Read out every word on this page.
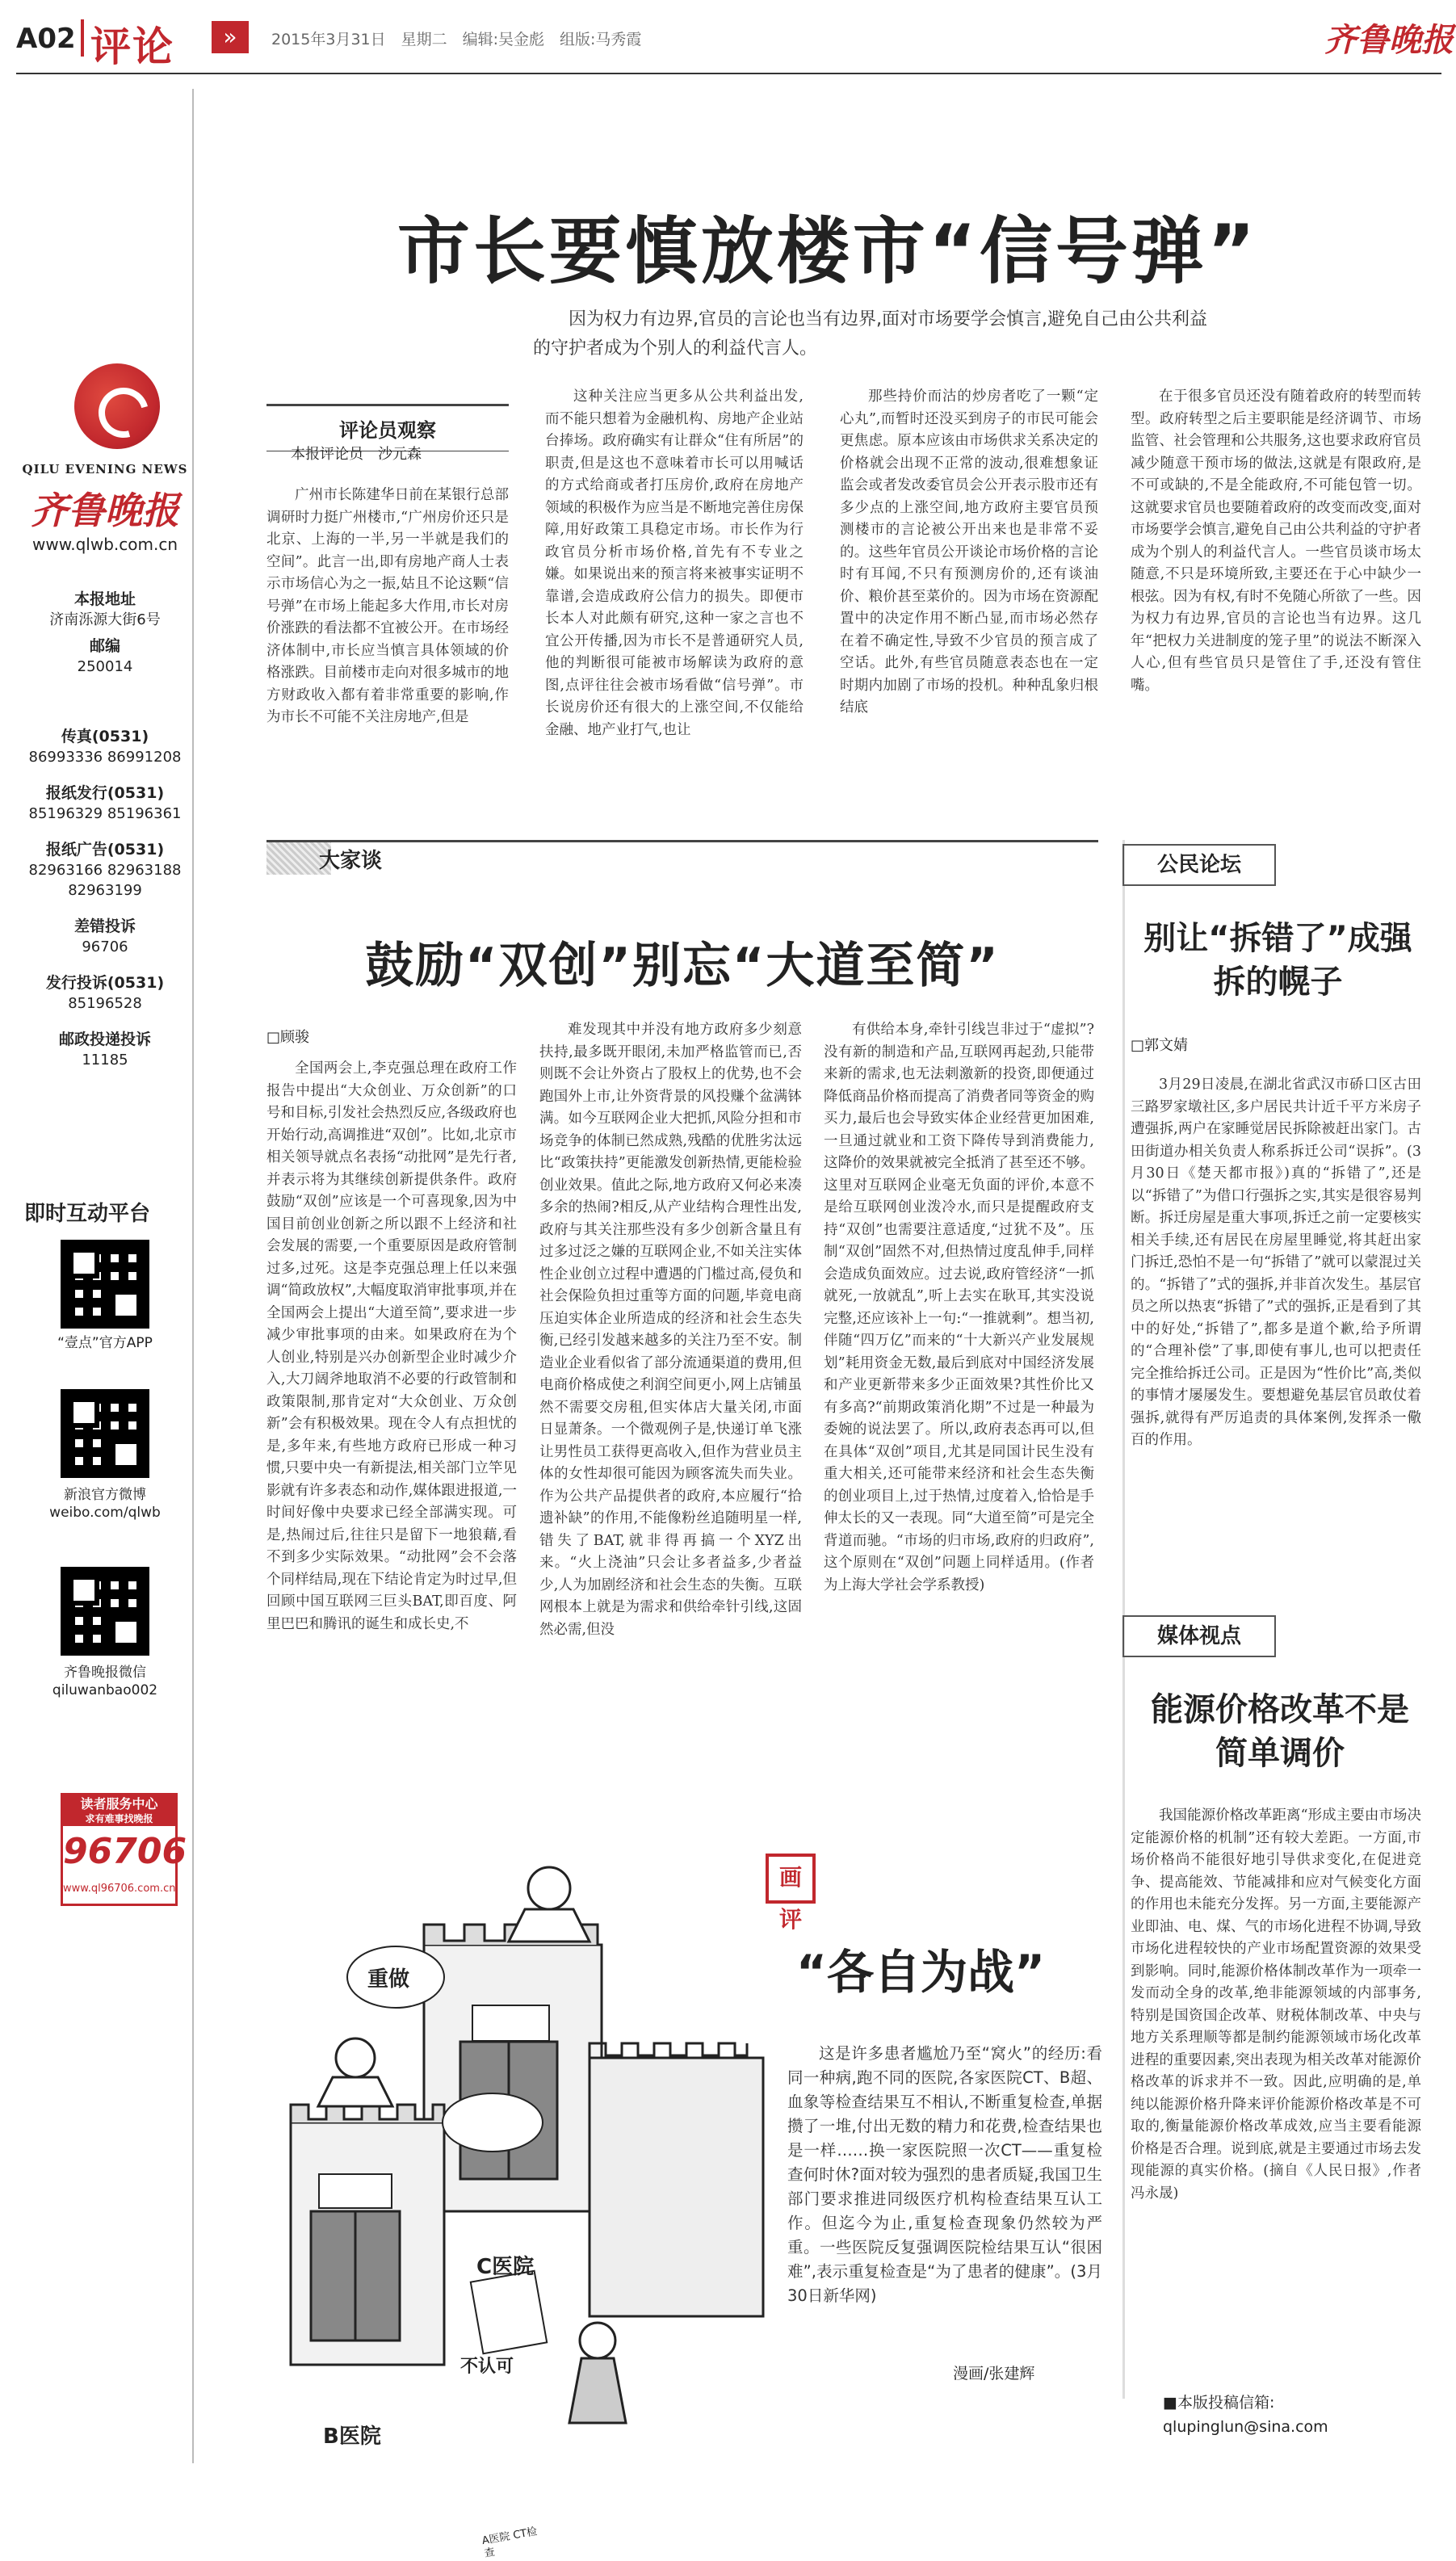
A02 评论	»	2015年3月31日　星期二　编辑:吴金彪　组版:马秀霞	齐鲁晚报
QILU EVENING NEWS
齐鲁晚报
www.qlwb.com.cn
本报地址
济南泺源大街6号
邮编
250014
传真(0531)
86993336 86991208
报纸发行(0531)
85196329 85196361
报纸广告(0531)
82963166 82963188
82963199
差错投诉
96706
发行投诉(0531)
85196528
邮政投递投诉
11185
即时互动平台
“壹点”官方APP
新浪官方微博
weibo.com/qlwb
齐鲁晚报微信
qiluwanbao002
读者服务中心
求有难事找晚报
96706
www.ql96706.com.cn
市长要慎放楼市“信号弹”
因为权力有边界,官员的言论也当有边界,面对市场要学会慎言,避免自己由公共利益的守护者成为个别人的利益代言人。
评论员观察
本报评论员　沙元森

广州市长陈建华日前在某银行总部调研时力挺广州楼市,“广州房价还只是北京、上海的一半,另一半就是我们的空间”。此言一出,即有房地产商人士表示市场信心为之一振,姑且不论这颗“信号弹”在市场上能起多大作用,市长对房价涨跌的看法都不宜被公开。在市场经济体制中,市长应当慎言具体领域的价格涨跌。目前楼市走向对很多城市的地方财政收入都有着非常重要的影响,作为市长不可能不关注房地产,但是

这种关注应当更多从公共利益出发,而不能只想着为金融机构、房地产企业站台捧场。政府确实有让群众“住有所居”的职责,但是这也不意味着市长可以用喊话的方式给商或者打压房价,政府在房地产领域的积极作为应当是不断地完善住房保障,用好政策工具稳定市场。市长作为行政官员分析市场价格,首先有不专业之嫌。如果说出来的预言将来被事实证明不靠谱,会造成政府公信力的损失。即便市长本人对此颇有研究,这种一家之言也不宜公开传播,因为市长不是普通研究人员,他的判断很可能被市场解读为政府的意图,点评往往会被市场看做“信号弹”。市长说房价还有很大的上涨空间,不仅能给金融、地产业打气,也让

那些持价而沽的炒房者吃了一颗“定心丸”,而暂时还没买到房子的市民可能会更焦虑。原本应该由市场供求关系决定的价格就会出现不正常的波动,很难想象证监会或者发改委官员会公开表示股市还有多少点的上涨空间,地方政府主要官员预测楼市的言论被公开出来也是非常不妥的。这些年官员公开谈论市场价格的言论时有耳闻,不只有预测房价的,还有谈油价、粮价甚至菜价的。因为市场在资源配置中的决定作用不断凸显,而市场必然存在着不确定性,导致不少官员的预言成了空话。此外,有些官员随意表态也在一定时期内加剧了市场的投机。种种乱象归根结底

在于很多官员还没有随着政府的转型而转型。政府转型之后主要职能是经济调节、市场监管、社会管理和公共服务,这也要求政府官员减少随意干预市场的做法,这就是有限政府,是不可或缺的,不是全能政府,不可能包管一切。这就要求官员也要随着政府的改变而改变,面对市场要学会慎言,避免自己由公共利益的守护者成为个别人的利益代言人。一些官员谈市场太随意,不只是环境所致,主要还在于心中缺少一根弦。因为有权,有时不免随心所欲了一些。因为权力有边界,官员的言论也当有边界。这几年“把权力关进制度的笼子里”的说法不断深入人心,但有些官员只是管住了手,还没有管住嘴。

大家谈
鼓励“双创”别忘“大道至简”
□顾骏

全国两会上,李克强总理在政府工作报告中提出“大众创业、万众创新”的口号和目标,引发社会热烈反应,各级政府也开始行动,高调推进“双创”。比如,北京市相关领导就点名表扬“动批网”是先行者,并表示将为其继续创新提供条件。政府鼓励“双创”应该是一个可喜现象,因为中国目前创业创新之所以跟不上经济和社会发展的需要,一个重要原因是政府管制过多,过死。这是李克强总理上任以来强调“简政放权”,大幅度取消审批事项,并在全国两会上提出“大道至简”,要求进一步减少审批事项的由来。如果政府在为个人创业,特别是兴办创新型企业时减少介入,大刀阔斧地取消不必要的行政管制和政策限制,那肯定对“大众创业、万众创新”会有积极效果。现在令人有点担忧的是,多年来,有些地方政府已形成一种习惯,只要中央一有新提法,相关部门立竿见影就有许多表态和动作,媒体跟进报道,一时间好像中央要求已经全部满实现。可是,热闹过后,往往只是留下一地狼藉,看不到多少实际效果。“动批网”会不会落个同样结局,现在下结论肯定为时过早,但回顾中国互联网三巨头BAT,即百度、阿里巴巴和腾讯的诞生和成长史,不

难发现其中并没有地方政府多少刻意扶持,最多既开眼闭,未加严格监管而已,否则既不会让外资占了股权上的优势,也不会跑国外上市,让外资背景的风投赚个盆满钵满。如今互联网企业大把抓,风险分担和市场竞争的体制已然成熟,残酷的优胜劣汰远比“政策扶持”更能激发创新热情,更能检验创业效果。值此之际,地方政府又何必来凑多余的热闹?相反,从产业结构合理性出发,政府与其关注那些没有多少创新含量且有过多过泛之嫌的互联网企业,不如关注实体性企业创立过程中遭遇的门槛过高,侵负和社会保险负担过重等方面的问题,毕竟电商压迫实体企业所造成的经济和社会生态失衡,已经引发越来越多的关注乃至不安。制造业企业看似省了部分流通渠道的费用,但电商价格成使之利润空间更小,网上店铺虽然不需要交房租,但实体店大量关闭,市面日显萧条。一个微观例子是,快递订单飞涨让男性员工获得更高收入,但作为营业员主体的女性却很可能因为顾客流失而失业。作为公共产品提供者的政府,本应履行“拾遗补缺”的作用,不能像粉丝追随明星一样,错失了BAT,就非得再搞一个XYZ出来。“火上浇油”只会让多者益多,少者益少,人为加剧经济和社会生态的失衡。互联网根本上就是为需求和供给牵针引线,这固然必需,但没

有供给本身,牵针引线岂非过于“虚拟”?没有新的制造和产品,互联网再起劲,只能带来新的需求,也无法刺激新的投资,即便通过降低商品价格而提高了消费者同等资金的购买力,最后也会导致实体企业经营更加困难,一旦通过就业和工资下降传导到消费能力,这降价的效果就被完全抵消了甚至还不够。这里对互联网企业毫无负面的评价,本意不是给互联网创业泼冷水,而只是提醒政府支持“双创”也需要注意适度,“过犹不及”。压制“双创”固然不对,但热情过度乱伸手,同样会造成负面效应。过去说,政府管经济“一抓就死,一放就乱”,听上去实在耿耳,其实没说完整,还应该补上一句:“一推就剩”。想当初,伴随“四万亿”而来的“十大新兴产业发展规划”耗用资金无数,最后到底对中国经济发展和产业更新带来多少正面效果?其性价比又有多高?“前期政策消化期”不过是一种最为委婉的说法罢了。所以,政府表态再可以,但在具体“双创”项目,尤其是同国计民生没有重大相关,还可能带来经济和社会生态失衡的创业项目上,过于热情,过度着入,恰恰是手伸太长的又一表现。同“大道至简”可是完全背道而驰。“市场的归市场,政府的归政府”,这个原则在“双创”问题上同样适用。(作者为上海大学社会学系教授)

公民论坛
别让“拆错了”成强拆的幌子
□郭文婧

3月29日凌晨,在湖北省武汉市硚口区古田三路罗家墩社区,多户居民共计近千平方米房子遭强拆,两户在家睡觉居民拆除被赶出家门。古田街道办相关负责人称系拆迁公司“误拆”。(3月30日《楚天都市报》)真的“拆错了”,还是以“拆错了”为借口行强拆之实,其实是很容易判断。拆迁房屋是重大事项,拆迁之前一定要核实相关手续,还有居民在房屋里睡觉,将其赶出家门拆迁,恐怕不是一句“拆错了”就可以蒙混过关的。“拆错了”式的强拆,并非首次发生。基层官员之所以热衷“拆错了”式的强拆,正是看到了其中的好处,“拆错了”,都多是道个歉,给予所谓的“合理补偿”了事,即使有事儿,也可以把责任完全推给拆迁公司。正是因为“性价比”高,类似的事情才屡屡发生。要想避免基层官员敢仗着强拆,就得有严厉追责的具体案例,发挥杀一儆百的作用。

媒体视点
能源价格改革不是简单调价

我国能源价格改革距离“形成主要由市场决定能源价格的机制”还有较大差距。一方面,市场价格尚不能很好地引导供求变化,在促进竞争、提高能效、节能减排和应对气候变化方面的作用也未能充分发挥。另一方面,主要能源产业即油、电、煤、气的市场化进程不协调,导致市场化进程较快的产业市场配置资源的效果受到影响。同时,能源价格体制改革作为一项牵一发而动全身的改革,绝非能源领域的内部事务,特别是国资国企改革、财税体制改革、中央与地方关系理顺等都是制约能源领域市场化改革进程的重要因素,突出表现为相关改革对能源价格改革的诉求并不一致。因此,应明确的是,单纯以能源价格升降来评价能源价格改革是不可取的,衡量能源价格改革成效,应当主要看能源价格是否合理。说到底,就是主要通过市场去发现能源的真实价格。(摘自《人民日报》,作者冯永晟)

重做
C医院
B医院
不认可
A医院 CT检查
画评
“各自为战”
这是许多患者尴尬乃至“窝火”的经历:看同一种病,跑不同的医院,各家医院CT、B超、血象等检查结果互不相认,不断重复检查,单据攒了一堆,付出无数的精力和花费,检查结果也是一样……换一家医院照一次CT——重复检查何时休?面对较为强烈的患者质疑,我国卫生部门要求推进同级医疗机构检查结果互认工作。但迄今为止,重复检查现象仍然较为严重。一些医院反复强调医院检结果互认“很困难”,表示重复检查是“为了患者的健康”。(3月30日新华网)
漫画/张建辉
■本版投稿信箱:
qlupinglun@sina.com
